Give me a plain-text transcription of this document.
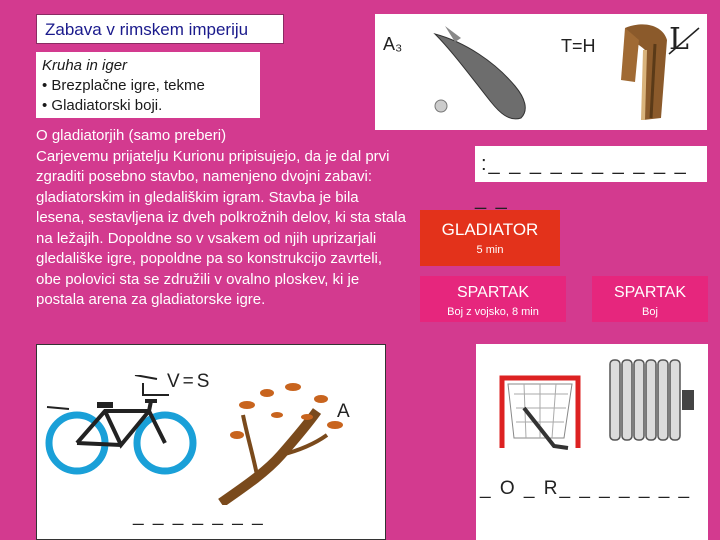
Zabava v rimskem imperiju
Kruha in iger
• Brezplačne igre, tekme
• Gladiatorski boji.
A₃	T=H L
O gladiatorjih (samo preberi)
Carjevemu prijatelju Kurionu pripisujejo, da je dal prvi zgraditi posebno stavbo, namenjeno dvojni zabavi: gladiatorskim in gledališkim igram. Stavba je bila lesena, sestavljena iz dveh polkrožnih delov, ki sta stala na ležajih. Dopoldne so v vsakem od njih uprizarjali gledališke igre, popoldne pa so konstrukcijo zavrteli, obe polovici sta se združili v ovalno ploskev, ki je postala arena za gladiatorske igre.
:_ _ _ _ _ _ _ _ _ _
_ _
GLADIATOR
5 min
SPARTAK
Boj z vojsko, 8 min
SPARTAK
Boj
V=S
A
_ _ _ _ _ _ _
_ O _ R_ _ _ _ _ _ _
